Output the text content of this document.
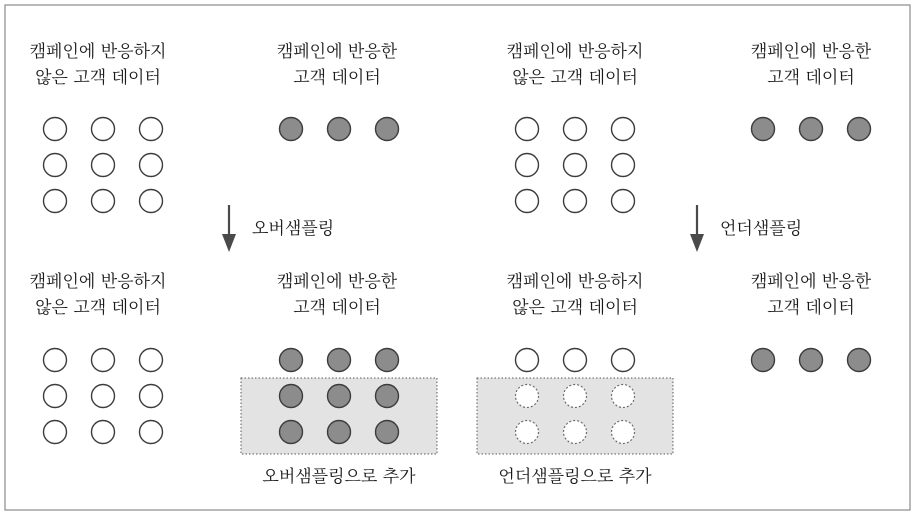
캠페인에 반응하지
않은 고객 데이터
캠페인에 반응한
고객 데이터
캠페인에 반응하지
않은 고객 데이터
캠페인에 반응한
고객 데이터
오버샘플링	언더샘플링
캠페인에 반응하지
않은 고객 데이터
캠페인에 반응한
고객 데이터
캠페인에 반응하지
않은 고객 데이터
캠페인에 반응한
고객 데이터
오버샘플링으로 추가	언더샘플링으로 추가
